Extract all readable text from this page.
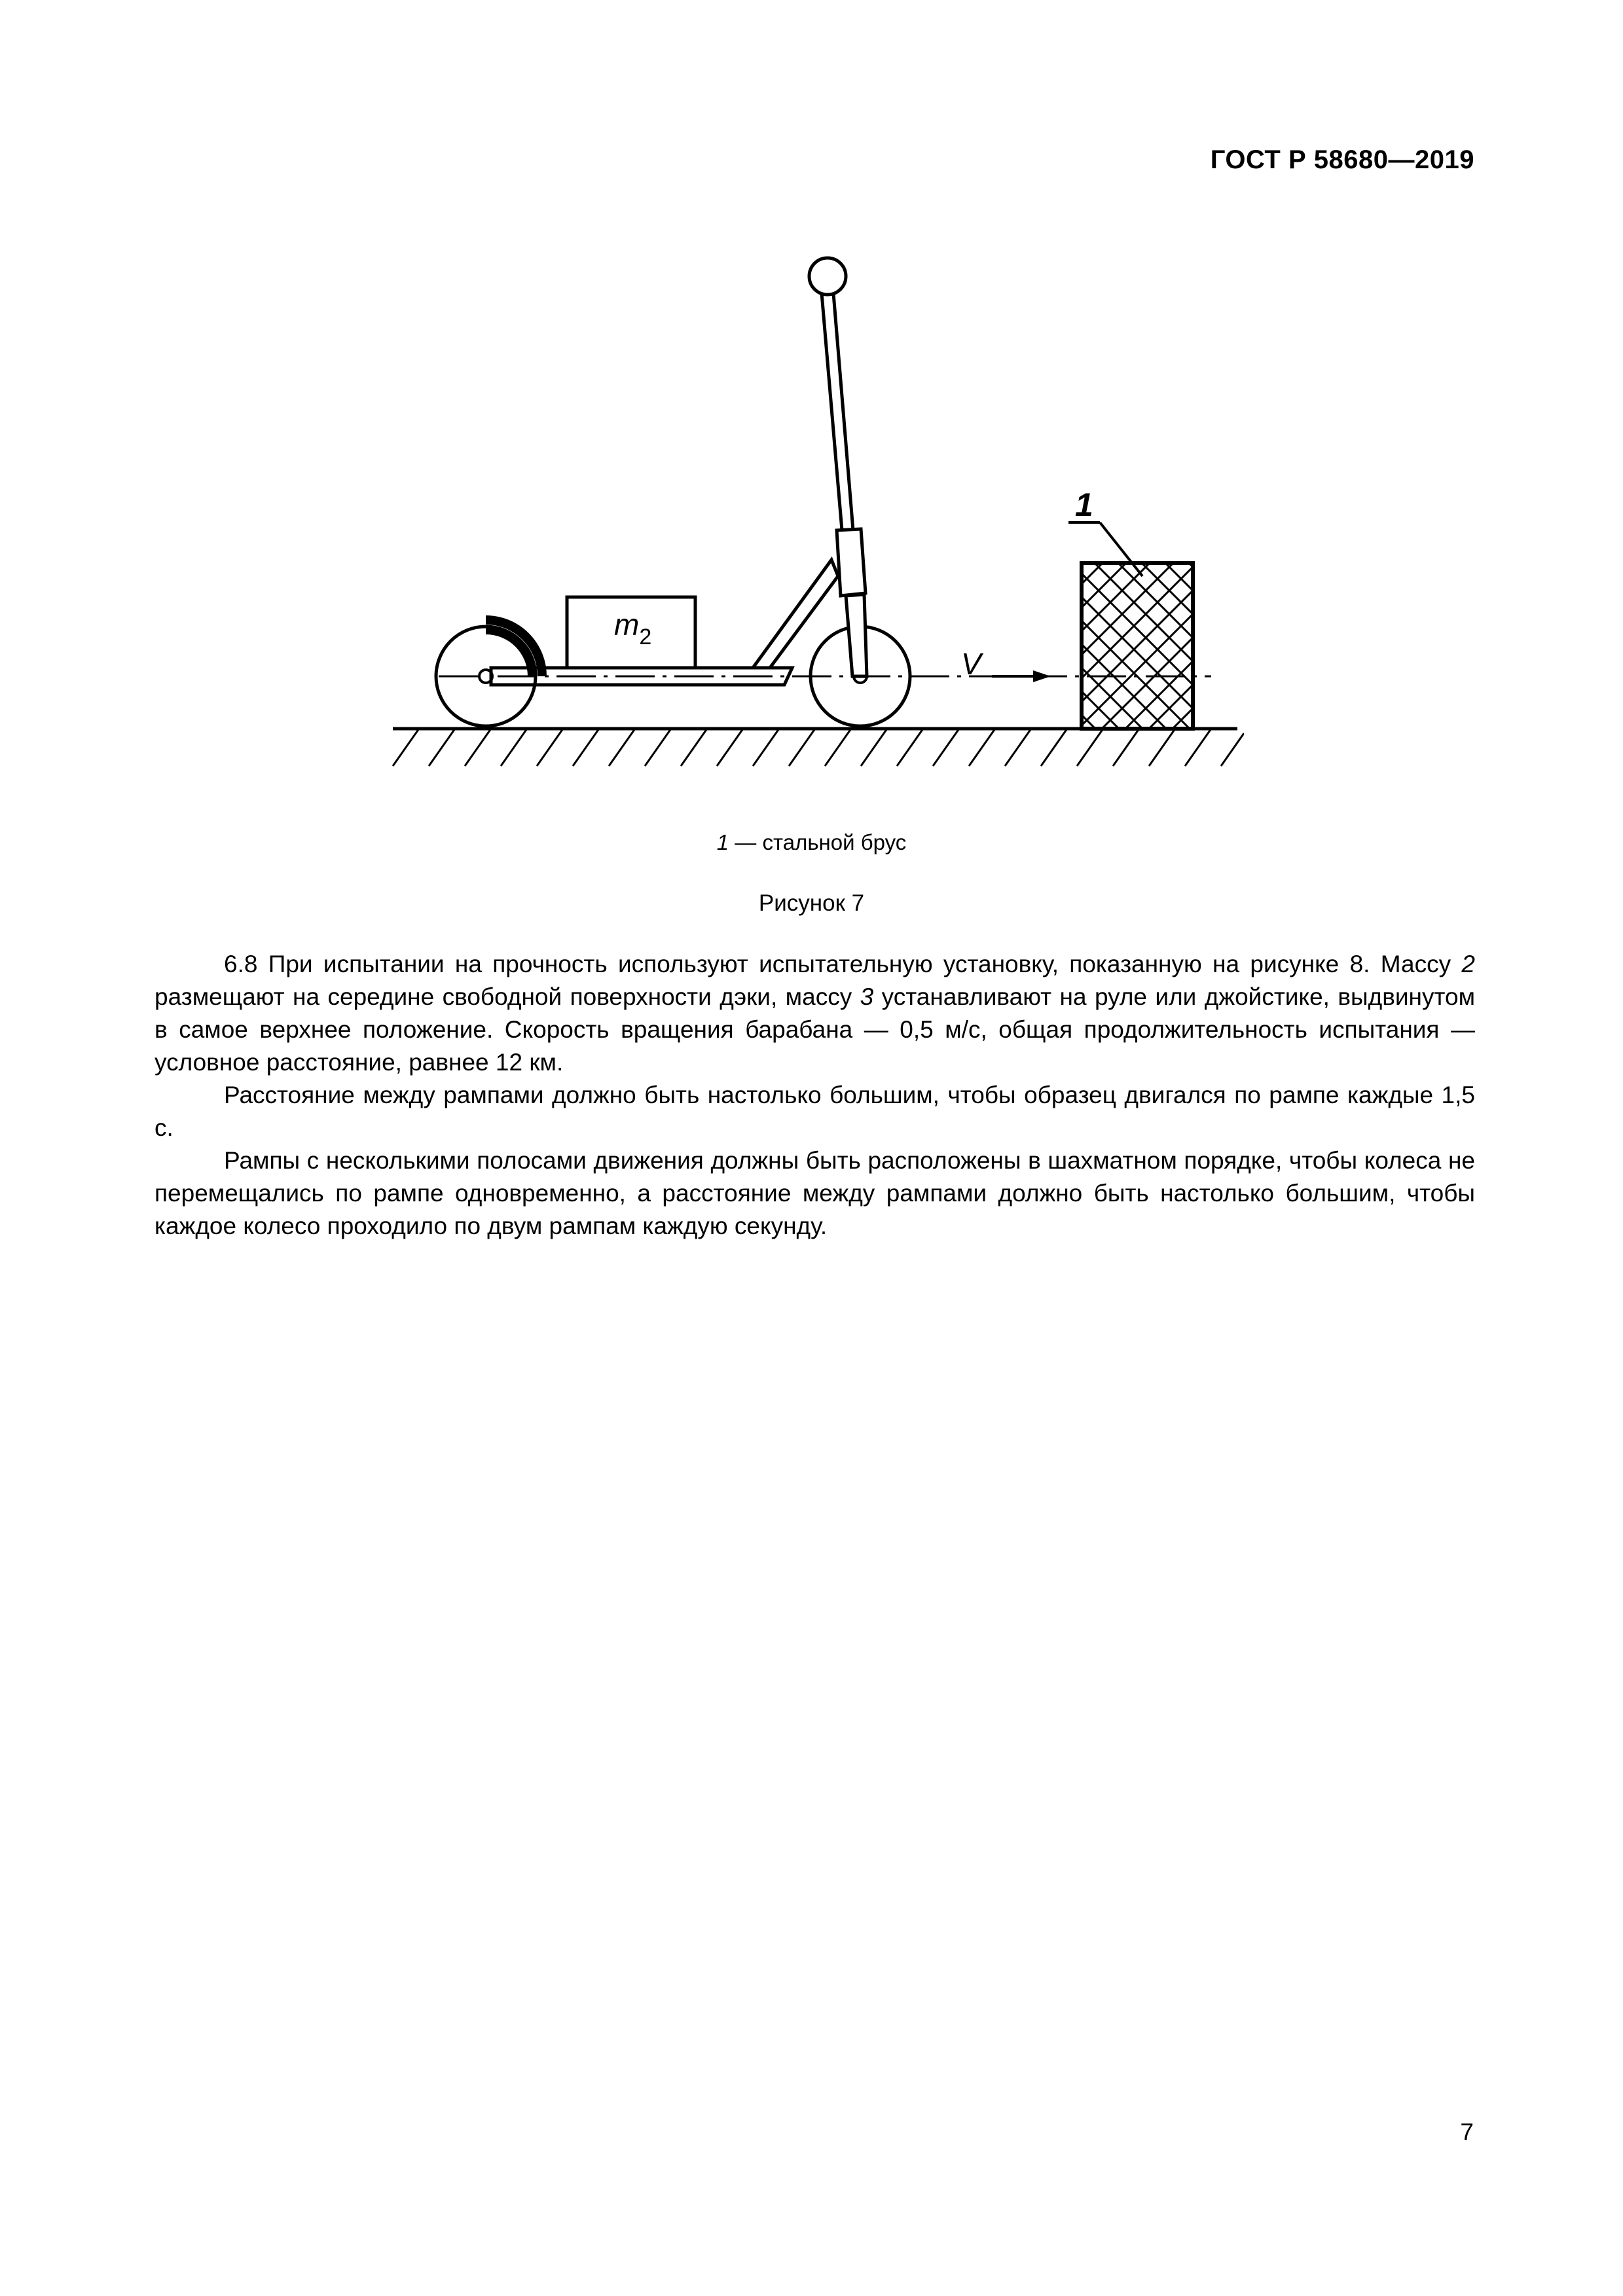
ГОСТ Р 58680—2019
$m_2$
V
1
1 — стальной брус
Рисунок 7

6.8 При испытании на прочность используют испытательную установку, показанную на рисунке 8. Массу 2 размещают на середине свободной поверхности дэки, массу 3 устанавливают на руле или джойстике, выдвинутом в самое верхнее положение. Скорость вращения барабана — 0,5 м/с, общая продолжительность испытания — условное расстояние, равнее 12 км.

Расстояние между рампами должно быть настолько большим, чтобы образец двигался по рампе каждые 1,5 с.

Рампы с несколькими полосами движения должны быть расположены в шахматном порядке, чтобы колеса не перемещались по рампе одновременно, а расстояние между рампами должно быть настолько большим, чтобы каждое колесо проходило по двум рампам каждую секунду.

7
